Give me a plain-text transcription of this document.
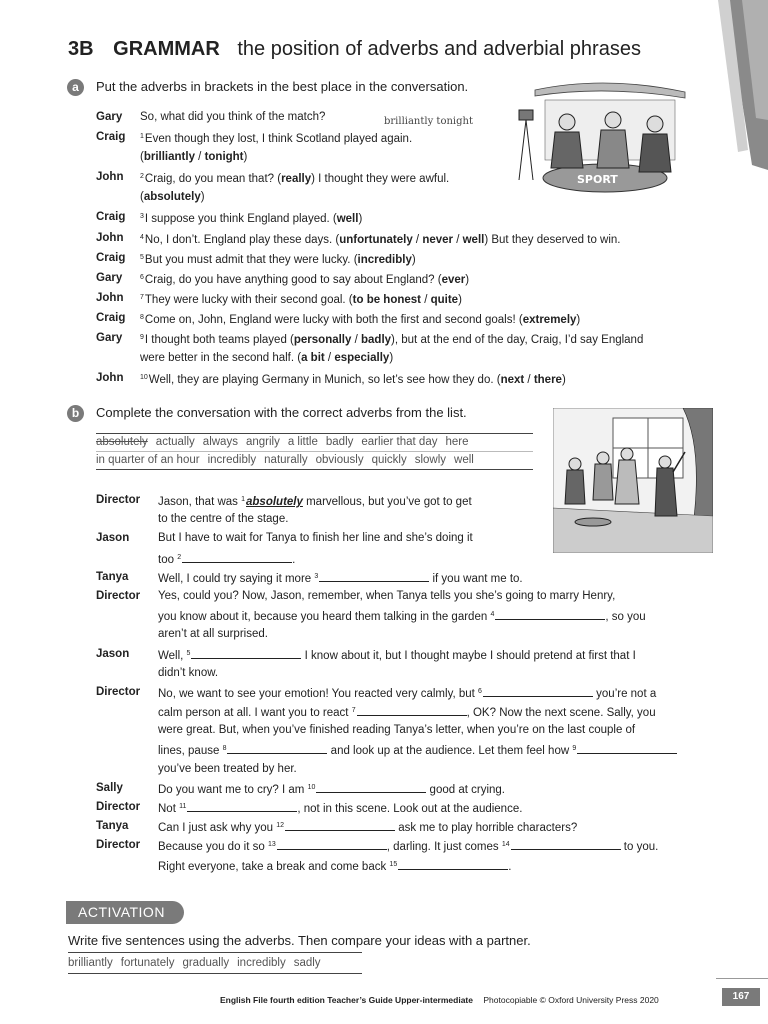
3B GRAMMAR the position of adverbs and adverbial phrases
a	Put the adverbs in brackets in the best place in the conversation.
brilliantly tonight
Gary So, what did you think of the match?
Craig $^1$Even though they lost, I think Scotland played again.
(brilliantly / tonight)
John $^2$Craig, do you mean that? (really) I thought they were awful.
(absolutely)
Craig $^3$I suppose you think England played. (well)
John $^4$No, I don’t. England play these days. (unfortunately / never / well) But they deserved to win.
Craig $^5$But you must admit that they were lucky. (incredibly)
Gary	$^6$Craig, do you have anything good to say about England? (ever)
John $^7$They were lucky with their second goal. (to be honest / quite)
Craig $^8$Come on, John, England were lucky with both the first and second goals! (extremely)
Gary	$^9$I thought both teams played (personally / badly), but at the end of the day, Craig, I’d say England
were better in the second half. (a bit / especially)
John $^{10}$Well, they are playing Germany in Munich, so let’s see how they do. (next / there)
SPORT
b	Complete the conversation with the correct adverbs from the list.
absolutely actually always angrily a little badly earlier that day here
in quarter of an hour incredibly naturally obviously quickly slowly well
Director Jason, that was $^1$absolutely marvellous, but you’ve got to get
to the centre of the stage.
Jason	But I have to wait for Tanya to finish her line and she’s doing it
too $^2$	.
Tanya	Well, I could try saying it more $^3$	if you want me to.
Director Yes, could you? Now, Jason, remember, when Tanya tells you she’s going to marry Henry,
you know about it, because you heard them talking in the garden $^4$	, so you
aren’t at all surprised.
Jason	Well, $^5$	I know about it, but I thought maybe I should pretend at first that I
didn’t know.
Director No, we want to see your emotion! You reacted very calmly, but $^6$	you’re not a
calm person at all. I want you to react $^7$	, OK? Now the next scene. Sally, you
were great. But, when you’ve finished reading Tanya’s letter, when you’re on the last couple of
lines, pause $^8$	and look up at the audience. Let them feel how $^9$
you’ve been treated by her.
Sally	Do you want me to cry? I am $^{10}$	good at crying.
Director Not $^{11}$	, not in this scene. Look out at the audience.
Tanya	Can I just ask why you $^{12}$	ask me to play horrible characters?
Director Because you do it so $^{13}$	, darling. It just comes $^{14}$	to you.
Right everyone, take a break and come back $^{15}$	.
ACTIVATION
Write five sentences using the adverbs. Then compare your ideas with a partner.
brilliantly fortunately gradually incredibly sadly
English File fourth edition Teacher’s Guide Upper-intermediate Photocopiable © Oxford University Press 2020	167
